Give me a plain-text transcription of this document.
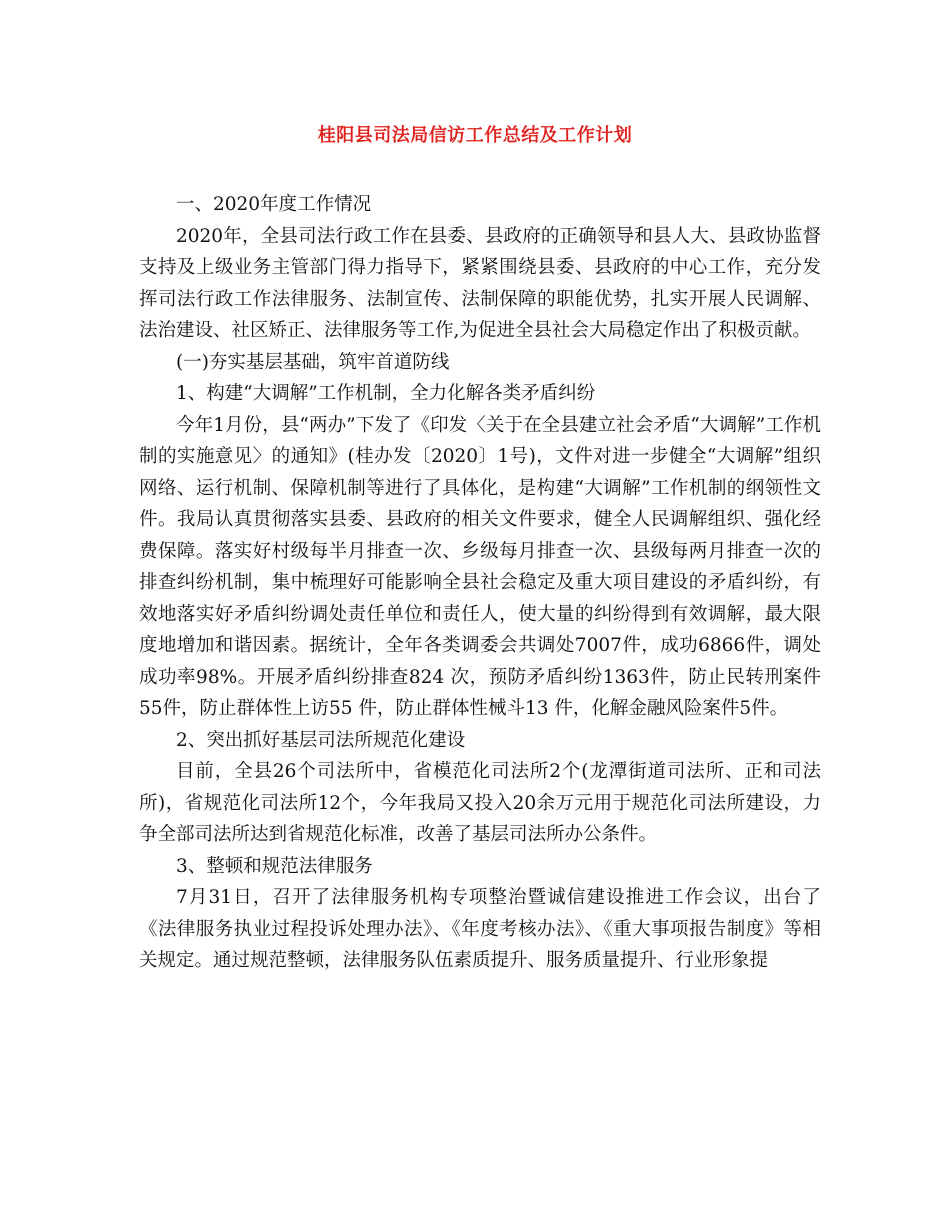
桂阳县司法局信访工作总结及工作计划

一、2020年度工作情况

2020年，全县司法行政工作在县委、县政府的正确领导和县人大、县政协监督支持及上级业务主管部门得力指导下，紧紧围绕县委、县政府的中心工作，充分发挥司法行政工作法律服务、法制宣传、法制保障的职能优势，扎实开展人民调解、法治建设、社区矫正、法律服务等工作,为促进全县社会大局稳定作出了积极贡献。

(一)夯实基层基础，筑牢首道防线

1、构建“大调解”工作机制，全力化解各类矛盾纠纷

今年1月份，县“两办”下发了《印发〈关于在全县建立社会矛盾“大调解”工作机制的实施意见〉的通知》(桂办发〔2020〕1号)，文件对进一步健全“大调解”组织网络、运行机制、保障机制等进行了具体化，是构建“大调解”工作机制的纲领性文件。我局认真贯彻落实县委、县政府的相关文件要求，健全人民调解组织、强化经费保障。落实好村级每半月排查一次、乡级每月排查一次、县级每两月排查一次的排查纠纷机制，集中梳理好可能影响全县社会稳定及重大项目建设的矛盾纠纷，有效地落实好矛盾纠纷调处责任单位和责任人，使大量的纠纷得到有效调解，最大限度地增加和谐因素。据统计，全年各类调委会共调处7007件，成功6866件，调处成功率98%。开展矛盾纠纷排查824 次，预防矛盾纠纷1363件，防止民转刑案件55件，防止群体性上访55 件，防止群体性械斗13 件，化解金融风险案件5件。

2、突出抓好基层司法所规范化建设

目前，全县26个司法所中，省模范化司法所2个(龙潭街道司法所、正和司法所)，省规范化司法所12个，今年我局又投入20余万元用于规范化司法所建设，力争全部司法所达到省规范化标准，改善了基层司法所办公条件。

3、整顿和规范法律服务

7月31日，召开了法律服务机构专项整治暨诚信建设推进工作会议，出台了《法律服务执业过程投诉处理办法》、《年度考核办法》、《重大事项报告制度》等相关规定。通过规范整顿，法律服务队伍素质提升、服务质量提升、行业形象提
